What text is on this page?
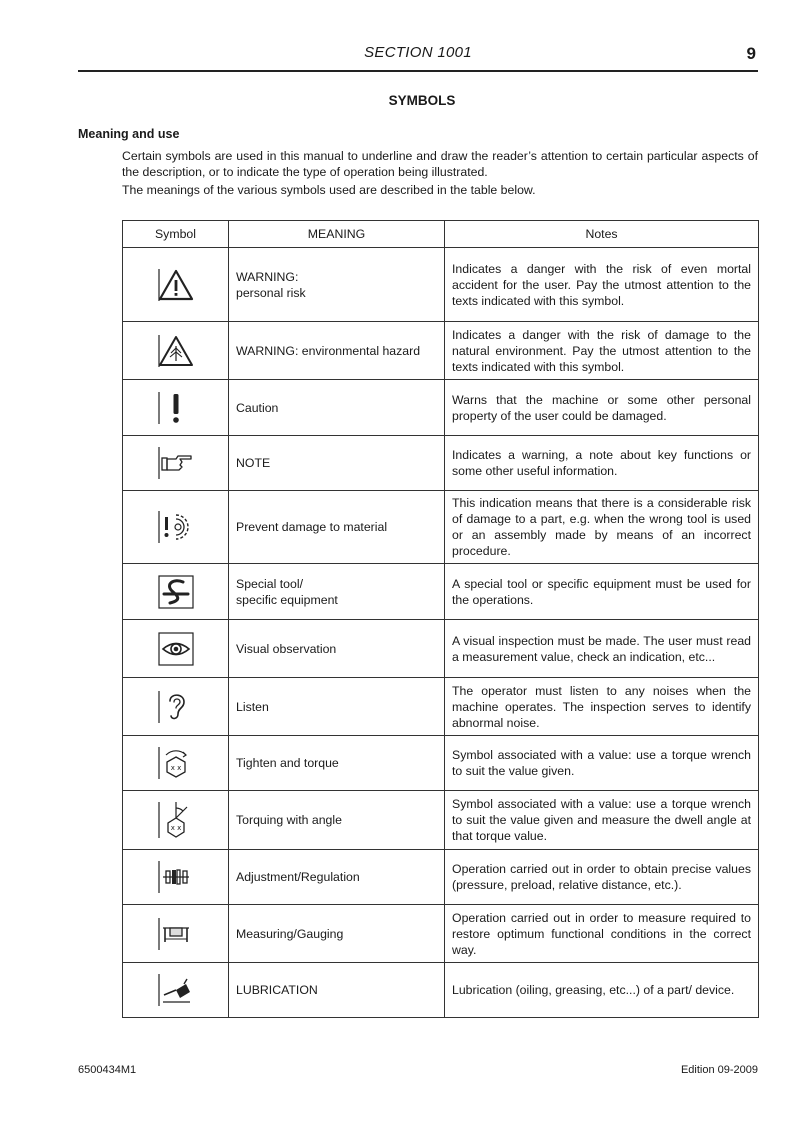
SECTION 1001	9
SYMBOLS
Meaning and use

Certain symbols are used in this manual to underline and draw the reader’s attention to certain particular aspects of the description, or to indicate the type of operation being illustrated.

The meanings of the various symbols used are described in the table below.

Symbol	MEANING	Notes

WARNING:
personal risk	Indicates a danger with the risk of even mortal accident for the user. Pay the utmost attention to the texts indicated with this symbol.

WARNING: environmental hazard	Indicates a danger with the risk of damage to the natural environment. Pay the utmost attention to the texts indicated with this symbol.

Caution	Warns that the machine or some other personal property of the user could be damaged.

NOTE	Indicates a warning, a note about key functions or some other useful information.

Prevent damage to material	This indication means that there is a considerable risk of damage to a part, e.g. when the wrong tool is used or an assembly made by means of an incorrect procedure.

Special tool/
specific equipment	A special tool or specific equipment must be used for the operations.

Visual observation	A visual inspection must be made. The user must read a measurement value, check an indication, etc...

Listen	The operator must listen to any noises when the machine operates. The inspection serves to identify abnormal noise.

x x	Tighten and torque	Symbol associated with a value: use a torque wrench to suit the value given.

x x	Torquing with angle	Symbol associated with a value: use a torque wrench to suit the value given and measure the dwell angle at that torque value.

Adjustment/Regulation	Operation carried out in order to obtain precise values (pressure, preload, relative distance, etc.).

Measuring/Gauging	Operation carried out in order to measure required to restore optimum functional conditions in the correct way.

LUBRICATION	Lubrication (oiling, greasing, etc...) of a part/ device.
6500434M1	Edition 09-2009
